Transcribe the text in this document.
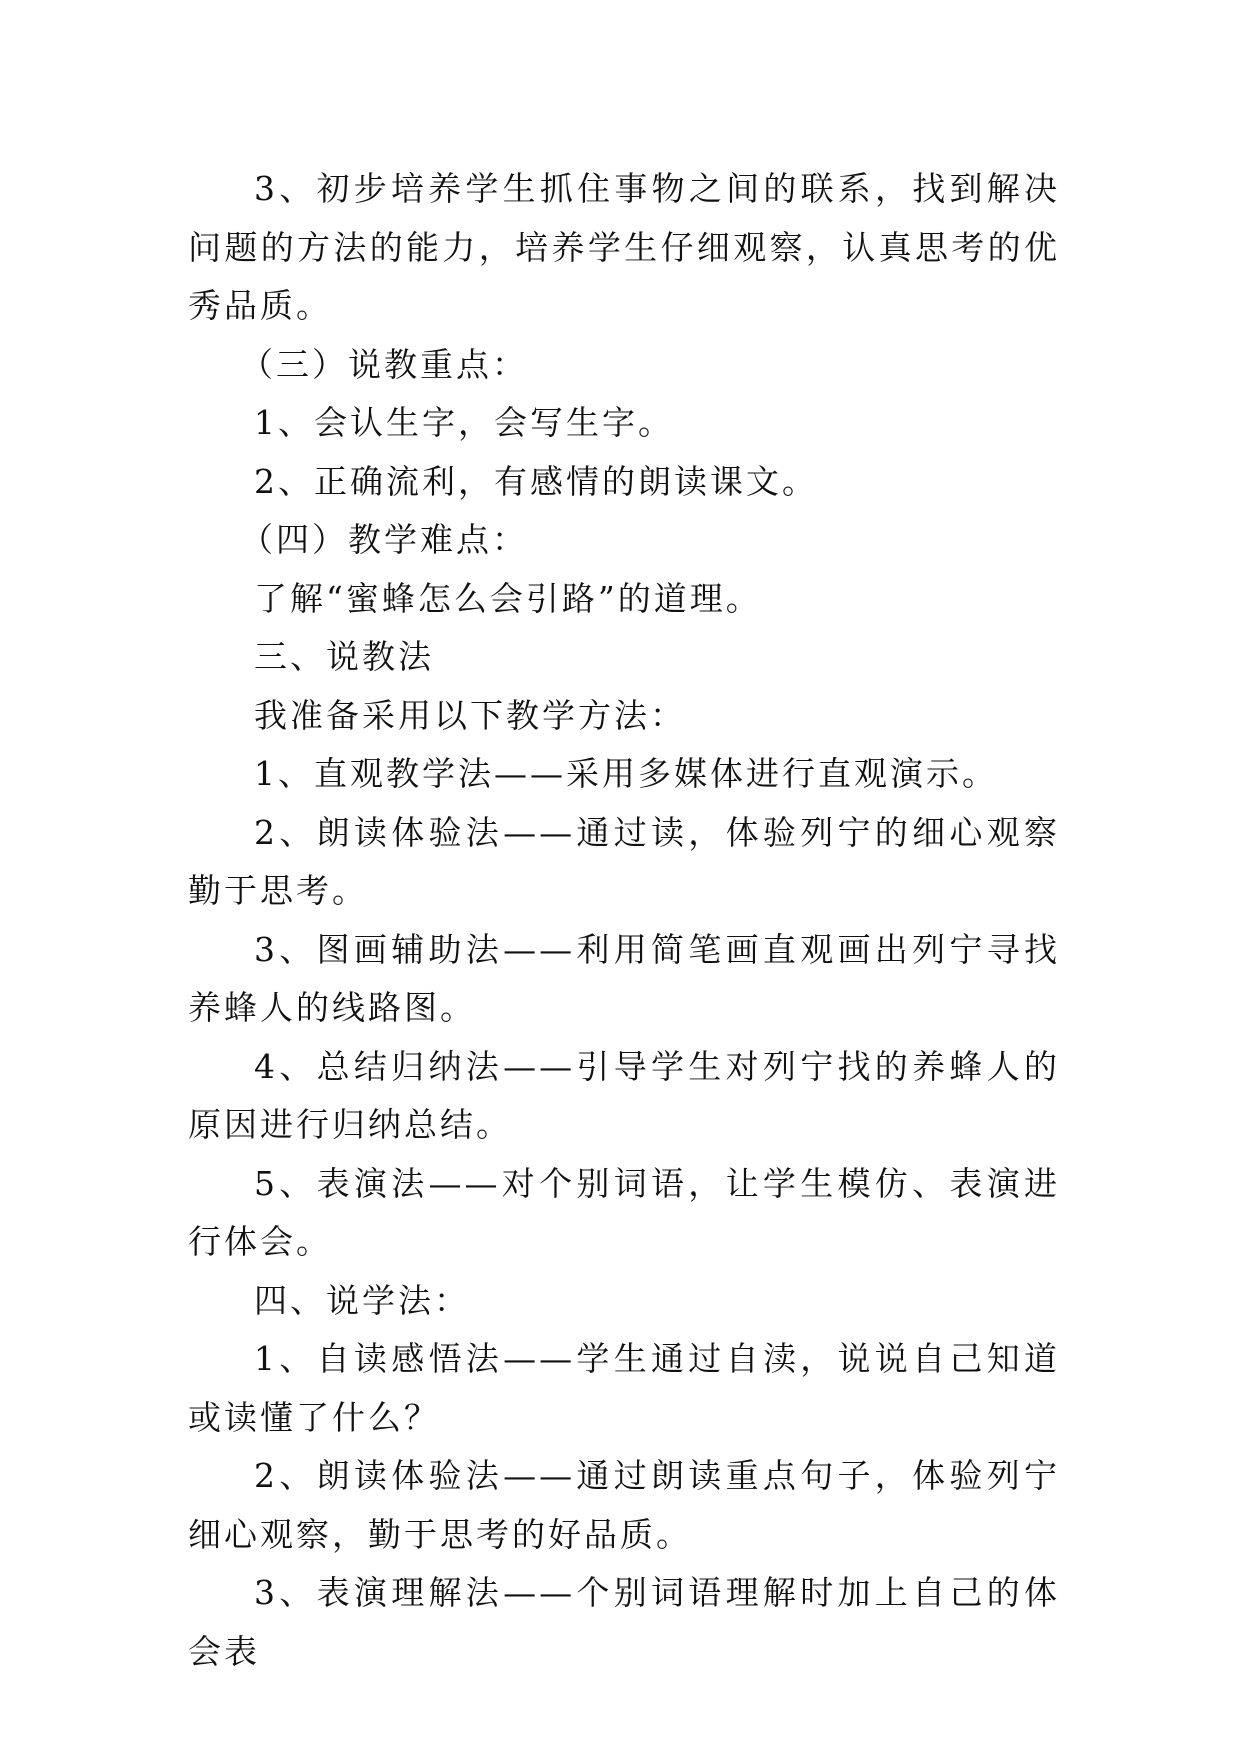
3、初步培养学生抓住事物之间的联系，找到解决问题的方法的能力，培养学生仔细观察，认真思考的优秀品质。

（三）说教重点：

1、会认生字，会写生字。

2、正确流利，有感情的朗读课文。

（四）教学难点：

了解“蜜蜂怎么会引路”的道理。

三、说教法

我准备采用以下教学方法：

1、直观教学法——采用多媒体进行直观演示。

2、朗读体验法——通过读，体验列宁的细心观察勤于思考。

3、图画辅助法——利用简笔画直观画出列宁寻找养蜂人的线路图。

4、总结归纳法——引导学生对列宁找的养蜂人的原因进行归纳总结。

5、表演法——对个别词语，让学生模仿、表演进行体会。

四、说学法：

1、自读感悟法——学生通过自渎，说说自己知道或读懂了什么？

2、朗读体验法——通过朗读重点句子，体验列宁细心观察，勤于思考的好品质。

3、表演理解法——个别词语理解时加上自己的体会表
